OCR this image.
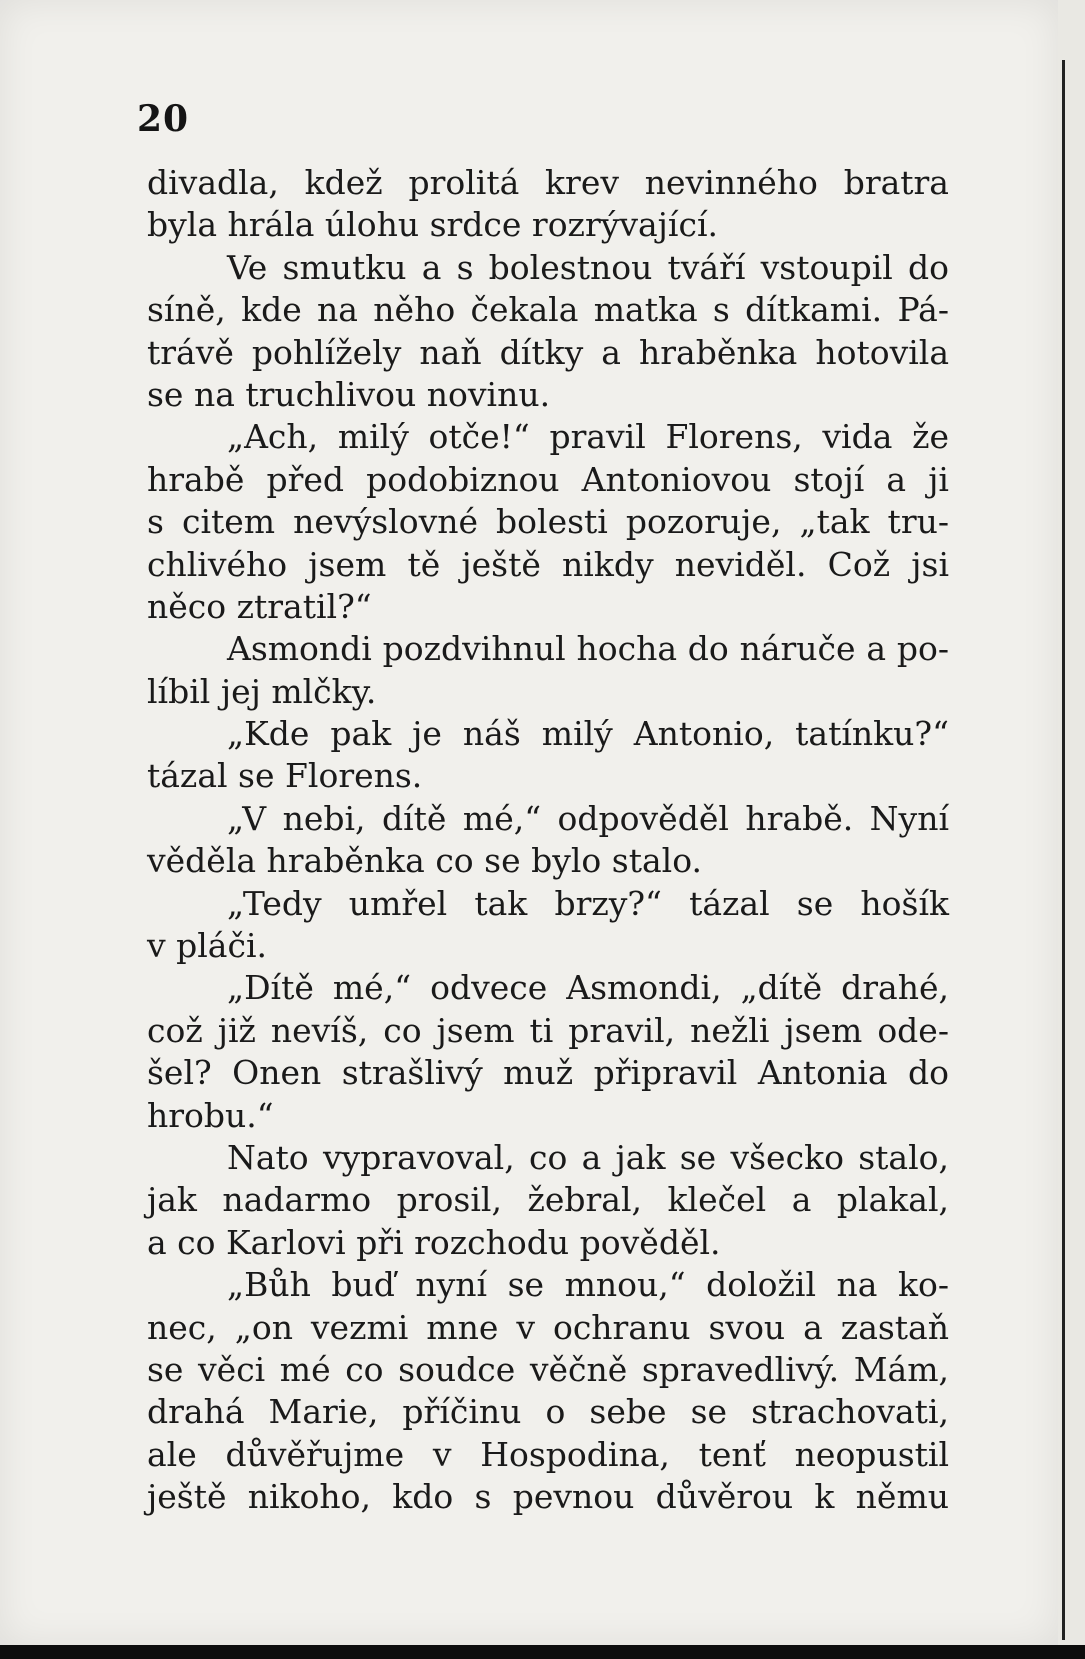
20
divadla, kdež prolitá krev nevinného bratra
byla hrála úlohu srdce rozrývající.
Ve smutku a s bolestnou tváří vstoupil do
síně, kde na něho čekala matka s dítkami. Pá-
trávě pohlížely naň dítky a hraběnka hotovila
se na truchlivou novinu.
„Ach, milý otče!“ pravil Florens, vida že
hrabě před podobiznou Antoniovou stojí a ji
s citem nevýslovné bolesti pozoruje, „tak tru-
chlivého jsem tě ještě nikdy neviděl. Což jsi
něco ztratil?“
Asmondi pozdvihnul hocha do náruče a po-
líbil jej mlčky.
„Kde pak je náš milý Antonio, tatínku?“
tázal se Florens.
„V nebi, dítě mé,“ odpověděl hrabě. Nyní
věděla hraběnka co se bylo stalo.
„Tedy umřel tak brzy?“ tázal se hošík
v pláči.
„Dítě mé,“ odvece Asmondi, „dítě drahé,
což již nevíš, co jsem ti pravil, nežli jsem ode-
šel? Onen strašlivý muž připravil Antonia do
hrobu.“
Nato vypravoval, co a jak se všecko stalo,
jak nadarmo prosil, žebral, klečel a plakal,
a co Karlovi při rozchodu pověděl.
„Bůh buď nyní se mnou,“ doložil na ko-
nec, „on vezmi mne v ochranu svou a zastaň
se věci mé co soudce věčně spravedlivý. Mám,
drahá Marie, příčinu o sebe se strachovati,
ale důvěřujme v Hospodina, tenť neopustil
ještě nikoho, kdo s pevnou důvěrou k němu
